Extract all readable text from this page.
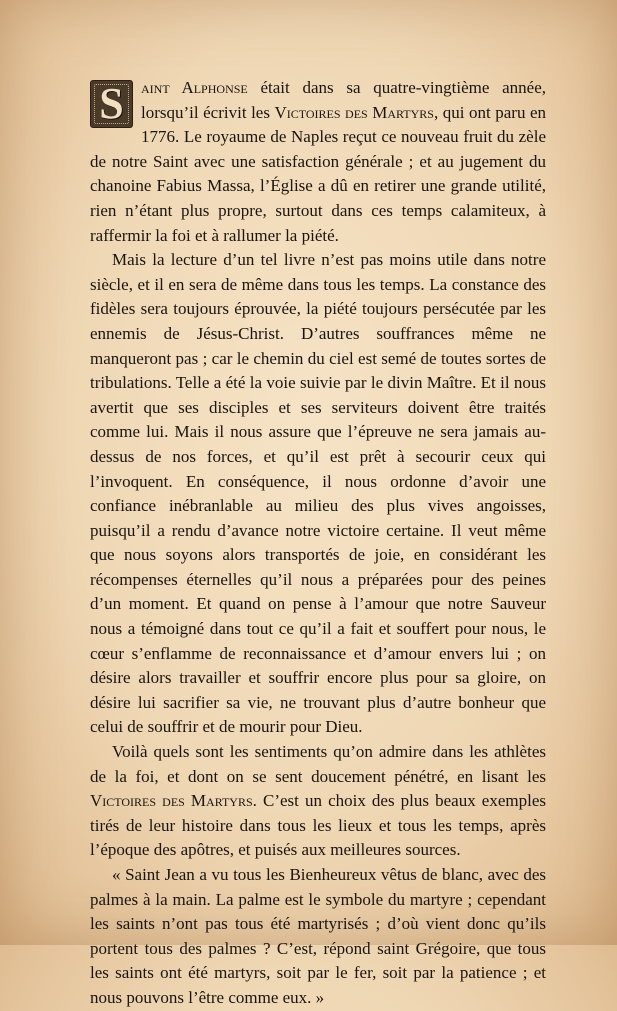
S aint Alphonse était dans sa quatre-vingtième année, lorsqu’il écrivit les Victoires des Martyrs, qui ont paru en 1776. Le royaume de Naples reçut ce nouveau fruit du zèle de notre Saint avec une satisfaction générale ; et au jugement du chanoine Fabius Massa, l’Église a dû en retirer une grande utilité, rien n’étant plus propre, surtout dans ces temps calamiteux, à raffermir la foi et à rallumer la piété.

Mais la lecture d’un tel livre n’est pas moins utile dans notre siècle, et il en sera de même dans tous les temps. La constance des fidèles sera toujours éprouvée, la piété toujours persécutée par les ennemis de Jésus-Christ. D’autres souffrances même ne manqueront pas ; car le chemin du ciel est semé de toutes sortes de tribulations. Telle a été la voie suivie par le divin Maître. Et il nous avertit que ses disciples et ses serviteurs doivent être traités comme lui. Mais il nous assure que l’épreuve ne sera jamais au-dessus de nos forces, et qu’il est prêt à secourir ceux qui l’invoquent. En conséquence, il nous ordonne d’avoir une confiance inébranlable au milieu des plus vives angoisses, puisqu’il a rendu d’avance notre victoire certaine. Il veut même que nous soyons alors transportés de joie, en considérant les récompenses éternelles qu’il nous a préparées pour des peines d’un moment. Et quand on pense à l’amour que notre Sauveur nous a témoigné dans tout ce qu’il a fait et souffert pour nous, le cœur s’enflamme de reconnaissance et d’amour envers lui ; on désire alors travailler et souffrir encore plus pour sa gloire, on désire lui sacrifier sa vie, ne trouvant plus d’autre bonheur que celui de souffrir et de mourir pour Dieu.

Voilà quels sont les sentiments qu’on admire dans les athlètes de la foi, et dont on se sent doucement pénétré, en lisant les Victoires des Martyrs. C’est un choix des plus beaux exemples tirés de leur histoire dans tous les lieux et tous les temps, après l’époque des apôtres, et puisés aux meilleures sources.

« Saint Jean a vu tous les Bienheureux vêtus de blanc, avec des palmes à la main. La palme est le symbole du martyre ; cependant les saints n’ont pas tous été martyrisés ; d’où vient donc qu’ils portent tous des palmes ? C’est, répond saint Grégoire, que tous les saints ont été martyrs, soit par le fer, soit par la patience ; et nous pouvons l’être comme eux. »
